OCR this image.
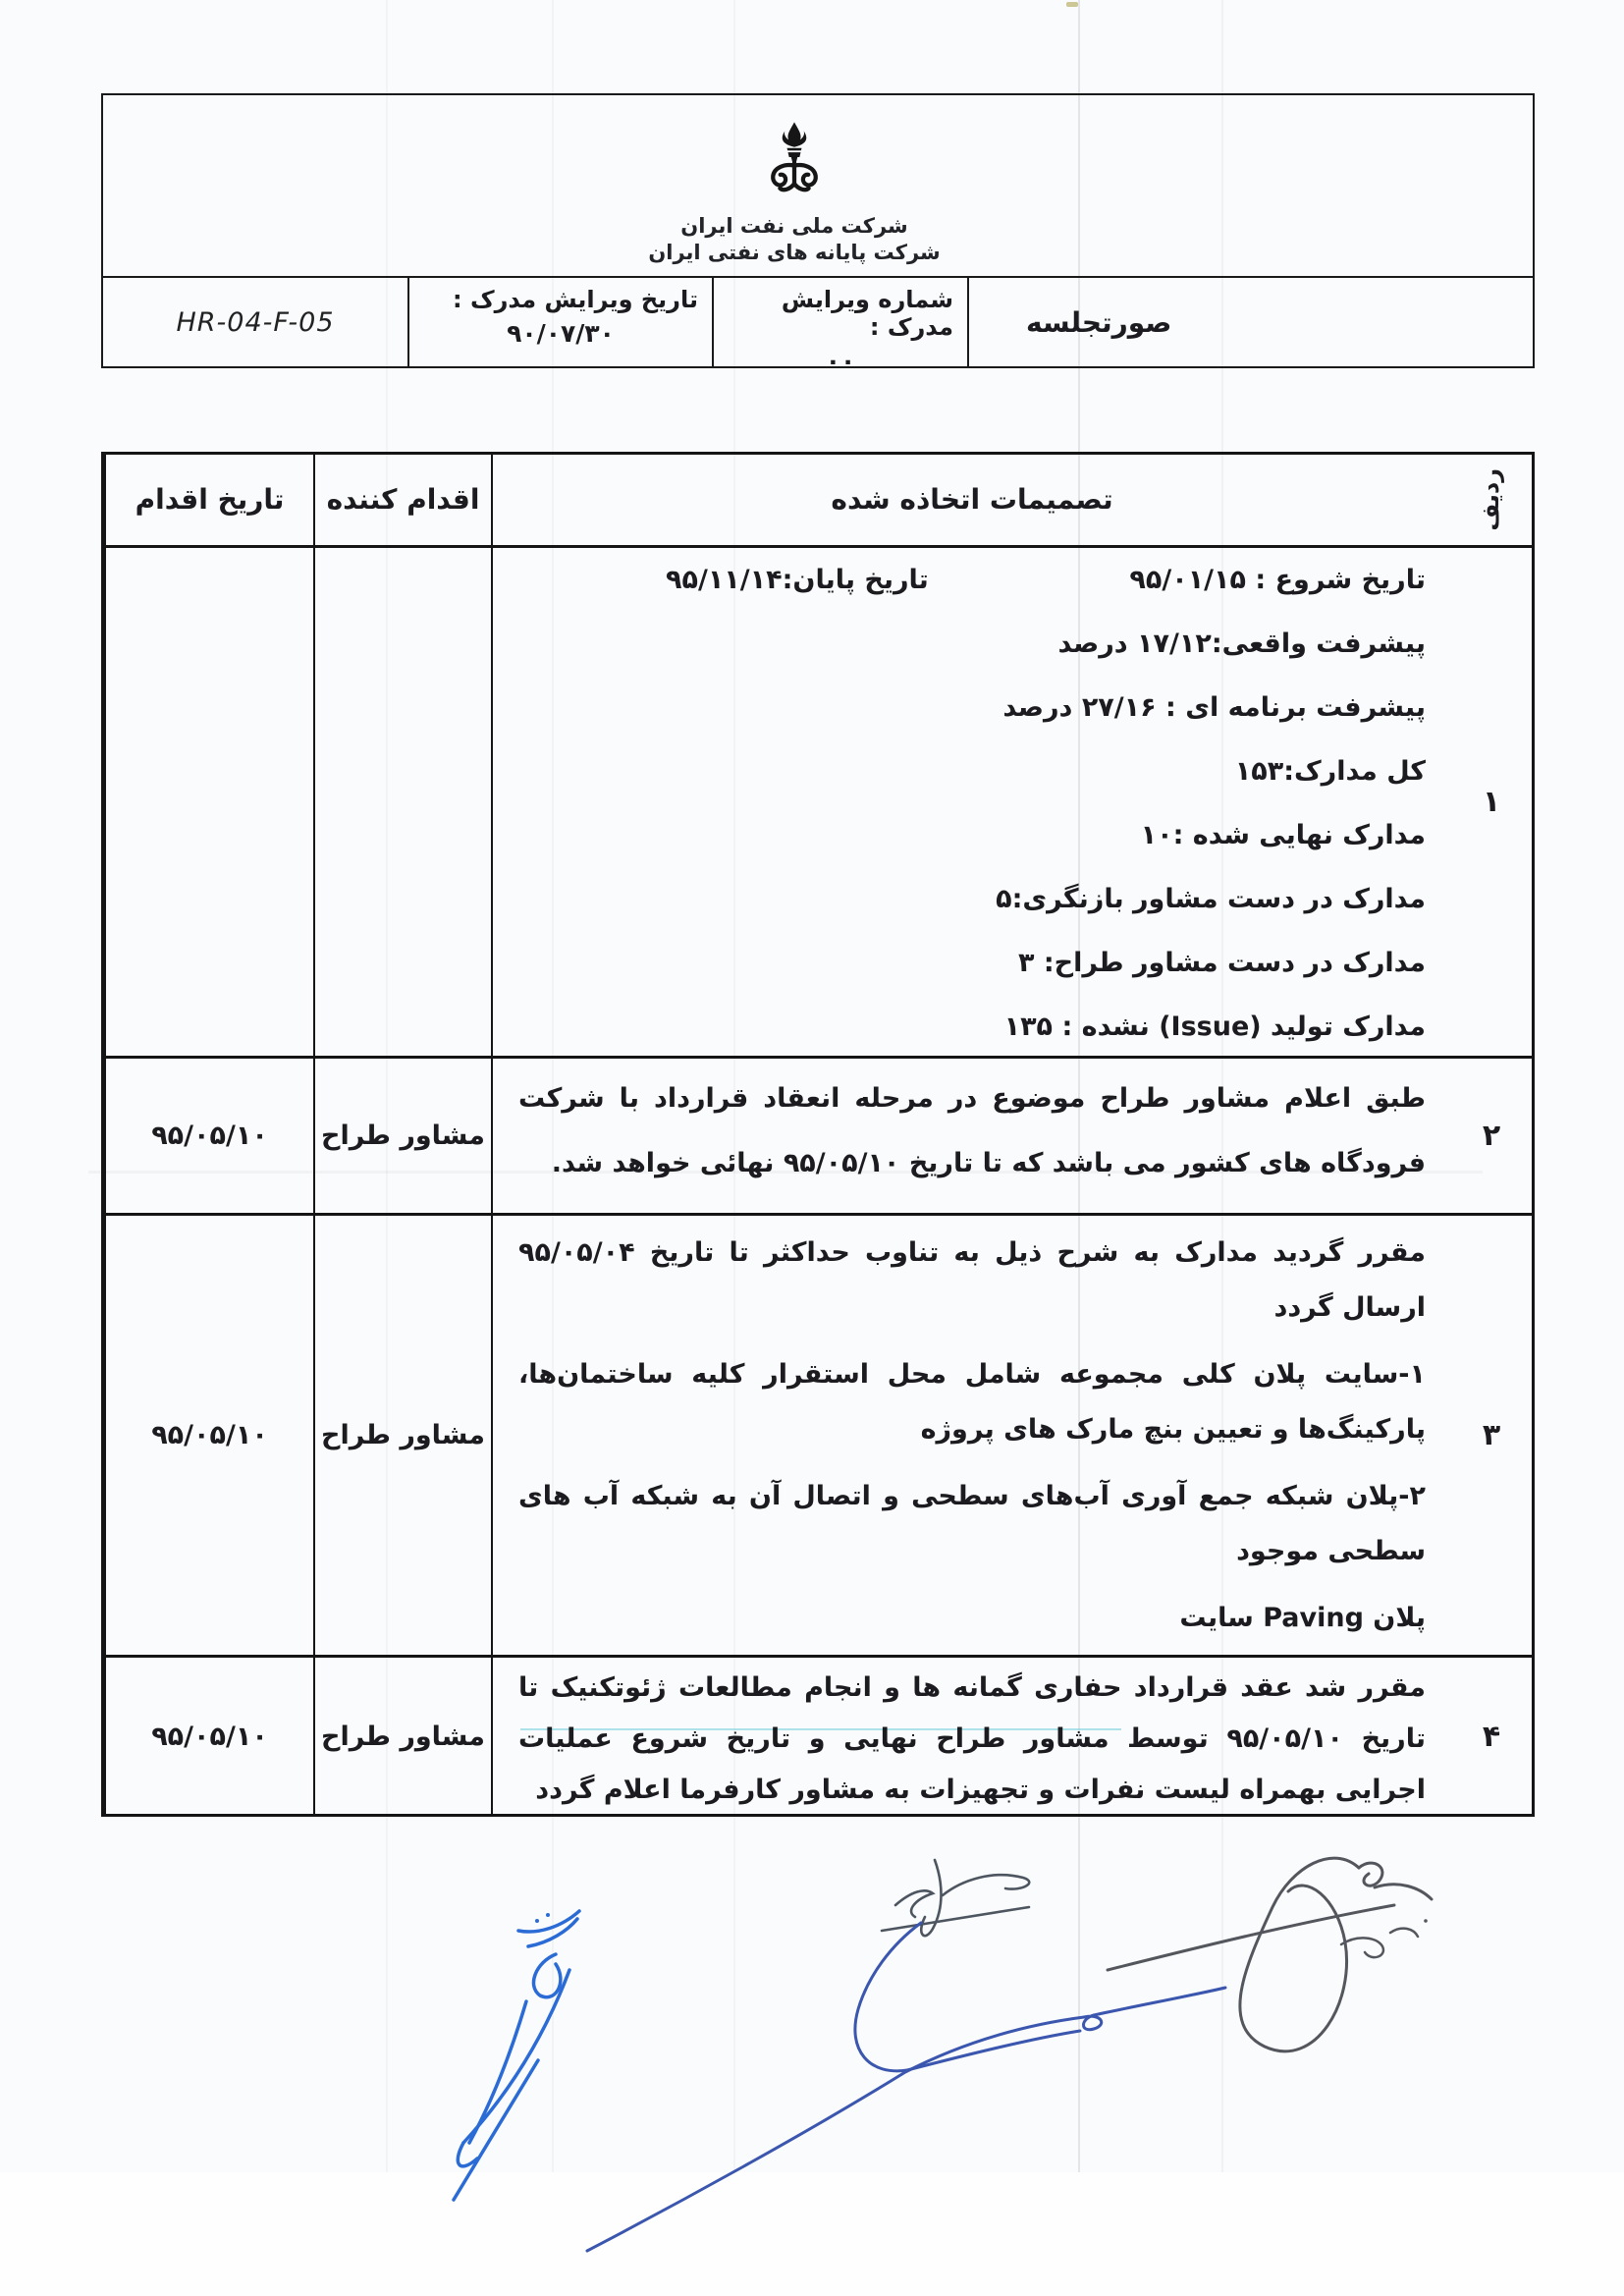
شرکت ملی نفت ایران
شرکت پایانه های نفتی ایران
HR-04-F-05
تاریخ ویرایش مدرک :
۹۰/۰۷/۳۰
شماره ویرایش مدرک :
۰۰
صورتجلسه
ردیف
تصمیمات اتخاذه شده
اقدام کننده
تاریخ اقدام
۱
تاریخ شروع : ۹۵/۰۱/۱۵
تاریخ پایان:۹۵/۱۱/۱۴
پیشرفت واقعی:۱۷/۱۲ درصد
پیشرفت برنامه ای : ۲۷/۱۶ درصد
کل مدارک:۱۵۳
مدارک نهایی شده :۱۰
مدارک در دست مشاور بازنگری:۵
مدارک در دست مشاور طراح: ۳
مدارک تولید (Issue) نشده : ۱۳۵
۲

طبق اعلام مشاور طراح موضوع در مرحله انعقاد قرارداد با شرکت فرودگاه های کشور می باشد که تا تاریخ ۹۵/۰۵/۱۰ نهائی خواهد شد.

مشاور طراح
۹۵/۰۵/۱۰
۳

مقرر گردید مدارک به شرح ذیل به تناوب حداکثر تا تاریخ ۹۵/۰۵/۰۴ ارسال گردد

۱-سایت پلان کلی مجموعه شامل محل استقرار کلیه ساختمان‌ها، پارکینگ‌ها و تعیین بنچ مارک های پروژه

۲-پلان شبکه جمع آوری آب‌های سطحی و اتصال آن به شبکه آب های سطحی موجود

پلان Paving سایت

مشاور طراح
۹۵/۰۵/۱۰
۴

مقرر شد عقد قرارداد حفاری گمانه ها و انجام مطالعات ژئوتکنیک تا تاریخ ۹۵/۰۵/۱۰ توسط مشاور طراح نهایی و تاریخ شروع عملیات اجرایی بهمراه لیست نفرات و تجهیزات به مشاور کارفرما اعلام گردد

مشاور طراح
۹۵/۰۵/۱۰
